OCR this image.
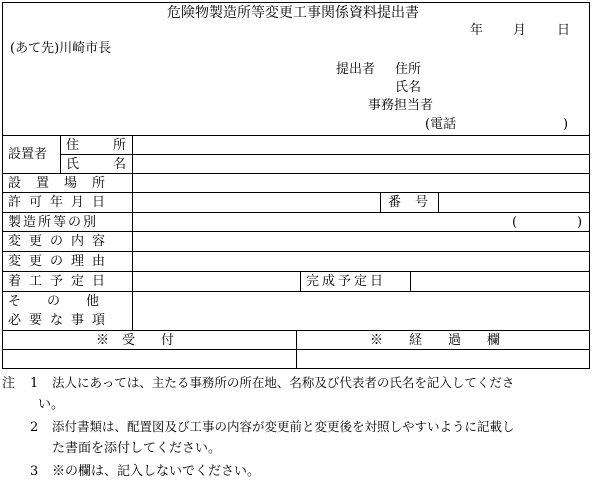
危険物製造所等変更工事関係資料提出書
年 月 日
(あて先)川崎市長
提出者 住所
氏名
事務担当者
(電話	)
設置者
住	所
氏	名
設置場所
許可年月日	番号
製造所等の別	(	)
変更の内容
変更の理由
着工予定日	完成予定日
その他
必要な事項
※　受　　付	※　　経　　過　　欄
注 1 法人にあっては、主たる事務所の所在地、名称及び代表者の氏名を記入してくださ
い。
2 添付書類は、配置図及び工事の内容が変更前と変更後を対照しやすいように記載し
た書面を添付してください。
3 ※の欄は、記入しないでください。
